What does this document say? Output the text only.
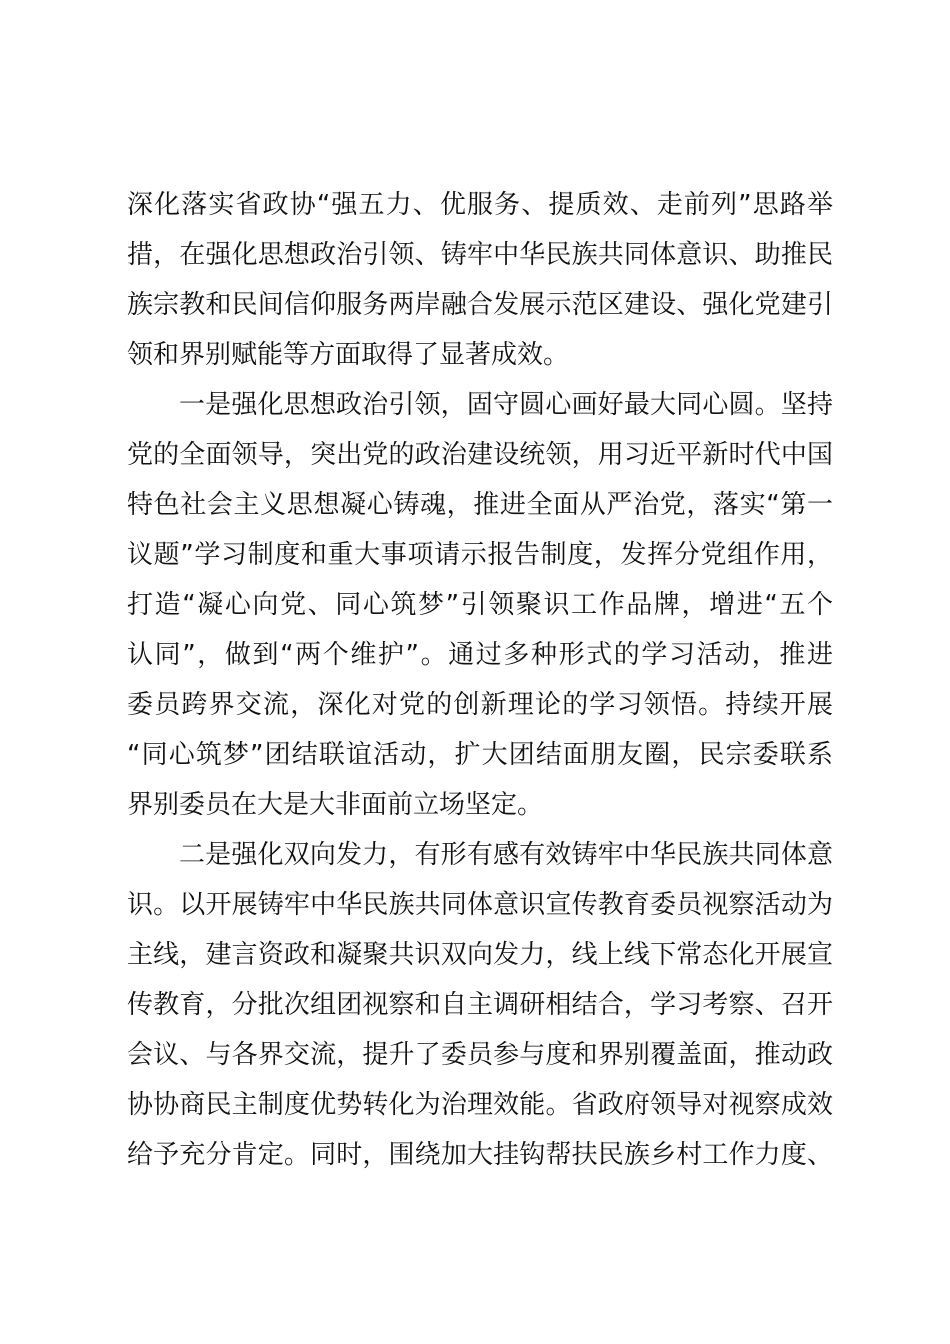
深化落实省政协“强五力、优服务、提质效、走前列”思路举
措，在强化思想政治引领、铸牢中华民族共同体意识、助推民
族宗教和民间信仰服务两岸融合发展示范区建设、强化党建引
领和界别赋能等方面取得了显著成效。
一是强化思想政治引领，固守圆心画好最大同心圆。坚持
党的全面领导，突出党的政治建设统领，用习近平新时代中国
特色社会主义思想凝心铸魂，推进全面从严治党，落实“第一
议题”学习制度和重大事项请示报告制度，发挥分党组作用，
打造“凝心向党、同心筑梦”引领聚识工作品牌，增进“五个
认同”，做到“两个维护”。通过多种形式的学习活动，推进
委员跨界交流，深化对党的创新理论的学习领悟。持续开展
“同心筑梦”团结联谊活动，扩大团结面朋友圈，民宗委联系
界别委员在大是大非面前立场坚定。
二是强化双向发力，有形有感有效铸牢中华民族共同体意
识。以开展铸牢中华民族共同体意识宣传教育委员视察活动为
主线，建言资政和凝聚共识双向发力，线上线下常态化开展宣
传教育，分批次组团视察和自主调研相结合，学习考察、召开
会议、与各界交流，提升了委员参与度和界别覆盖面，推动政
协协商民主制度优势转化为治理效能。省政府领导对视察成效
给予充分肯定。同时，围绕加大挂钩帮扶民族乡村工作力度、
